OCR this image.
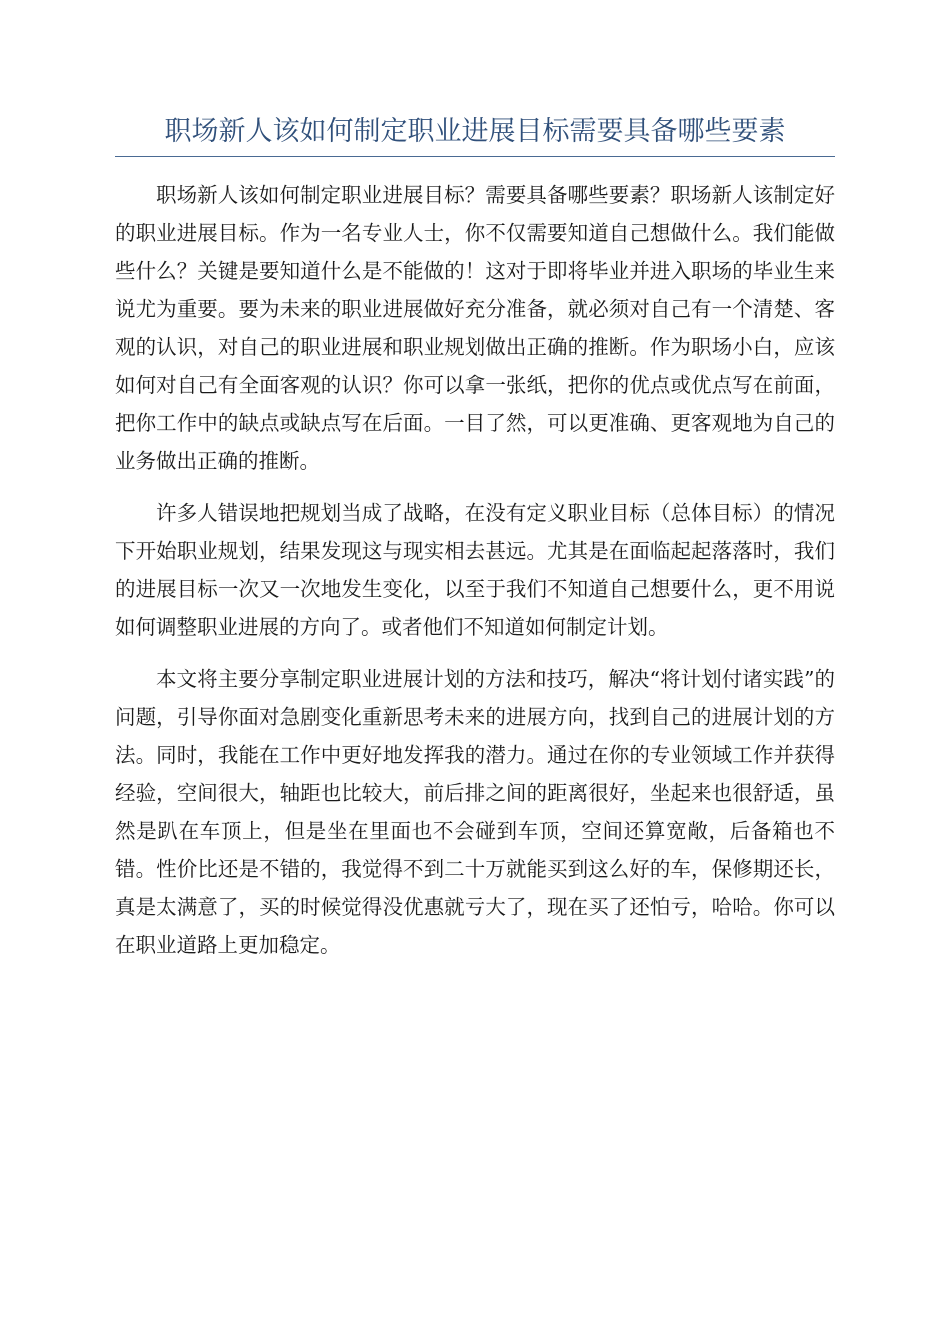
职场新人该如何制定职业进展目标需要具备哪些要素

职场新人该如何制定职业进展目标？需要具备哪些要素？职场新人该制定好的职业进展目标。作为一名专业人士，你不仅需要知道自己想做什么。我们能做些什么？关键是要知道什么是不能做的！这对于即将毕业并进入职场的毕业生来说尤为重要。要为未来的职业进展做好充分准备，就必须对自己有一个清楚、客观的认识，对自己的职业进展和职业规划做出正确的推断。作为职场小白，应该如何对自己有全面客观的认识？你可以拿一张纸，把你的优点或优点写在前面，把你工作中的缺点或缺点写在后面。一目了然，可以更准确、更客观地为自己的业务做出正确的推断。

许多人错误地把规划当成了战略，在没有定义职业目标（总体目标）的情况下开始职业规划，结果发现这与现实相去甚远。尤其是在面临起起落落时，我们的进展目标一次又一次地发生变化，以至于我们不知道自己想要什么，更不用说如何调整职业进展的方向了。或者他们不知道如何制定计划。

本文将主要分享制定职业进展计划的方法和技巧，解决“将计划付诸实践”的问题，引导你面对急剧变化重新思考未来的进展方向，找到自己的进展计划的方法。同时，我能在工作中更好地发挥我的潜力。通过在你的专业领域工作并获得经验，空间很大，轴距也比较大，前后排之间的距离很好，坐起来也很舒适，虽然是趴在车顶上，但是坐在里面也不会碰到车顶，空间还算宽敞，后备箱也不错。性价比还是不错的，我觉得不到二十万就能买到这么好的车，保修期还长，真是太满意了，买的时候觉得没优惠就亏大了，现在买了还怕亏，哈哈。你可以在职业道路上更加稳定。
